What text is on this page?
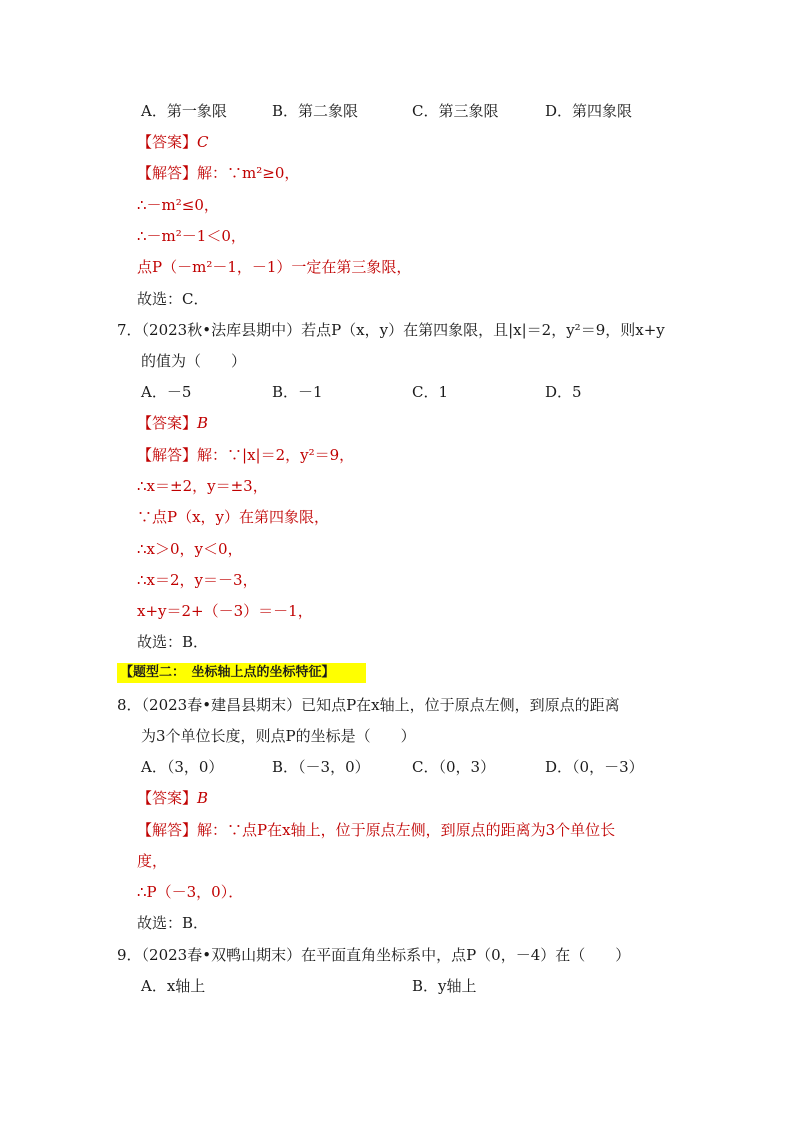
A．第一象限	B．第二象限	C．第三象限	D．第四象限
【答案】C
【解答】解：∵m²≥0，
∴－m²≤0，
∴－m²－1＜0，
点P（－m²－1，－1）一定在第三象限，
故选：C．
7．（2023秋•法库县期中）若点P（x，y）在第四象限，且|x|＝2，y²＝9，则x+y
的值为（　　）
A．－5	B．－1	C．1	D．5
【答案】B
【解答】解：∵|x|＝2，y²＝9，
∴x＝±2，y＝±3，
∵点P（x，y）在第四象限，
∴x＞0，y＜0，
∴x＝2，y＝－3，
x+y＝2+（－3）＝－1，
故选：B．
【题型二：　坐标轴上点的坐标特征】
8．（2023春•建昌县期末）已知点P在x轴上，位于原点左侧，到原点的距离
为3个单位长度，则点P的坐标是（　　）
A．（3，0）	B．（－3，0）	C．（0，3）	D．（0，－3）
【答案】B
【解答】解：∵点P在x轴上，位于原点左侧，到原点的距离为3个单位长
度，
∴P（－3，0）．
故选：B．
9．（2023春•双鸭山期末）在平面直角坐标系中，点P（0，－4）在（　　）
A．x轴上	B．y轴上
